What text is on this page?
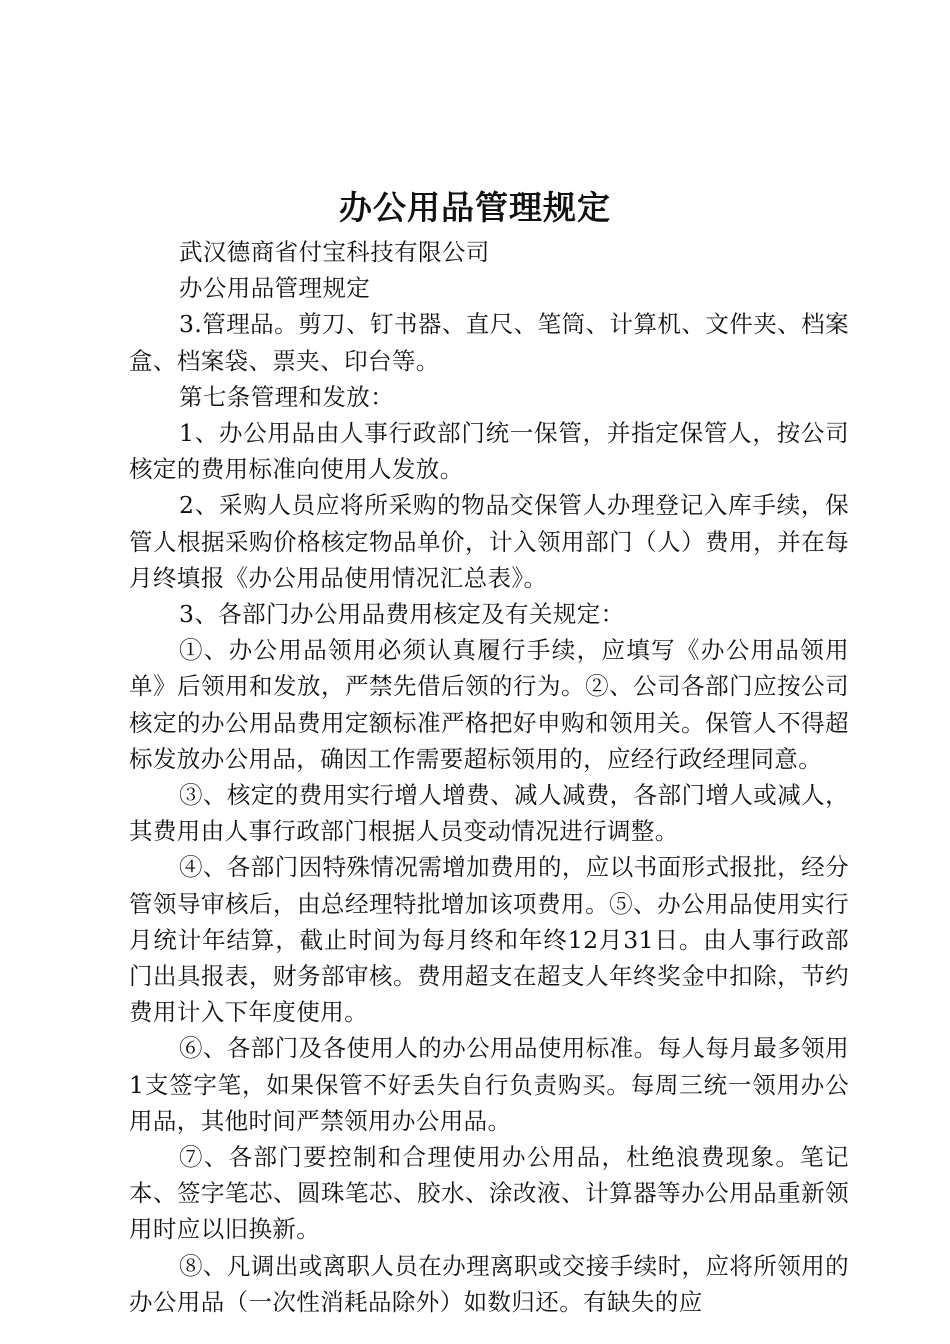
办公用品管理规定

武汉德商省付宝科技有限公司

办公用品管理规定

3.管理品。剪刀、钉书器、直尺、笔筒、计算机、文件夹、档案盒、档案袋、票夹、印台等。

第七条管理和发放：

1、办公用品由人事行政部门统一保管，并指定保管人，按公司核定的费用标准向使用人发放。

2、采购人员应将所采购的物品交保管人办理登记入库手续，保管人根据采购价格核定物品单价，计入领用部门（人）费用，并在每月终填报《办公用品使用情况汇总表》。

3、各部门办公用品费用核定及有关规定：

①、办公用品领用必须认真履行手续，应填写《办公用品领用单》后领用和发放，严禁先借后领的行为。②、公司各部门应按公司核定的办公用品费用定额标准严格把好申购和领用关。保管人不得超标发放办公用品，确因工作需要超标领用的，应经行政经理同意。

③、核定的费用实行增人增费、减人减费，各部门增人或减人，其费用由人事行政部门根据人员变动情况进行调整。

④、各部门因特殊情况需增加费用的，应以书面形式报批，经分管领导审核后，由总经理特批增加该项费用。⑤、办公用品使用实行月统计年结算，截止时间为每月终和年终12月31日。由人事行政部门出具报表，财务部审核。费用超支在超支人年终奖金中扣除，节约费用计入下年度使用。

⑥、各部门及各使用人的办公用品使用标准。每人每月最多领用1支签字笔，如果保管不好丢失自行负责购买。每周三统一领用办公用品，其他时间严禁领用办公用品。

⑦、各部门要控制和合理使用办公用品，杜绝浪费现象。笔记本、签字笔芯、圆珠笔芯、胶水、涂改液、计算器等办公用品重新领用时应以旧换新。

⑧、凡调出或离职人员在办理离职或交接手续时，应将所领用的办公用品（一次性消耗品除外）如数归还。有缺失的应
